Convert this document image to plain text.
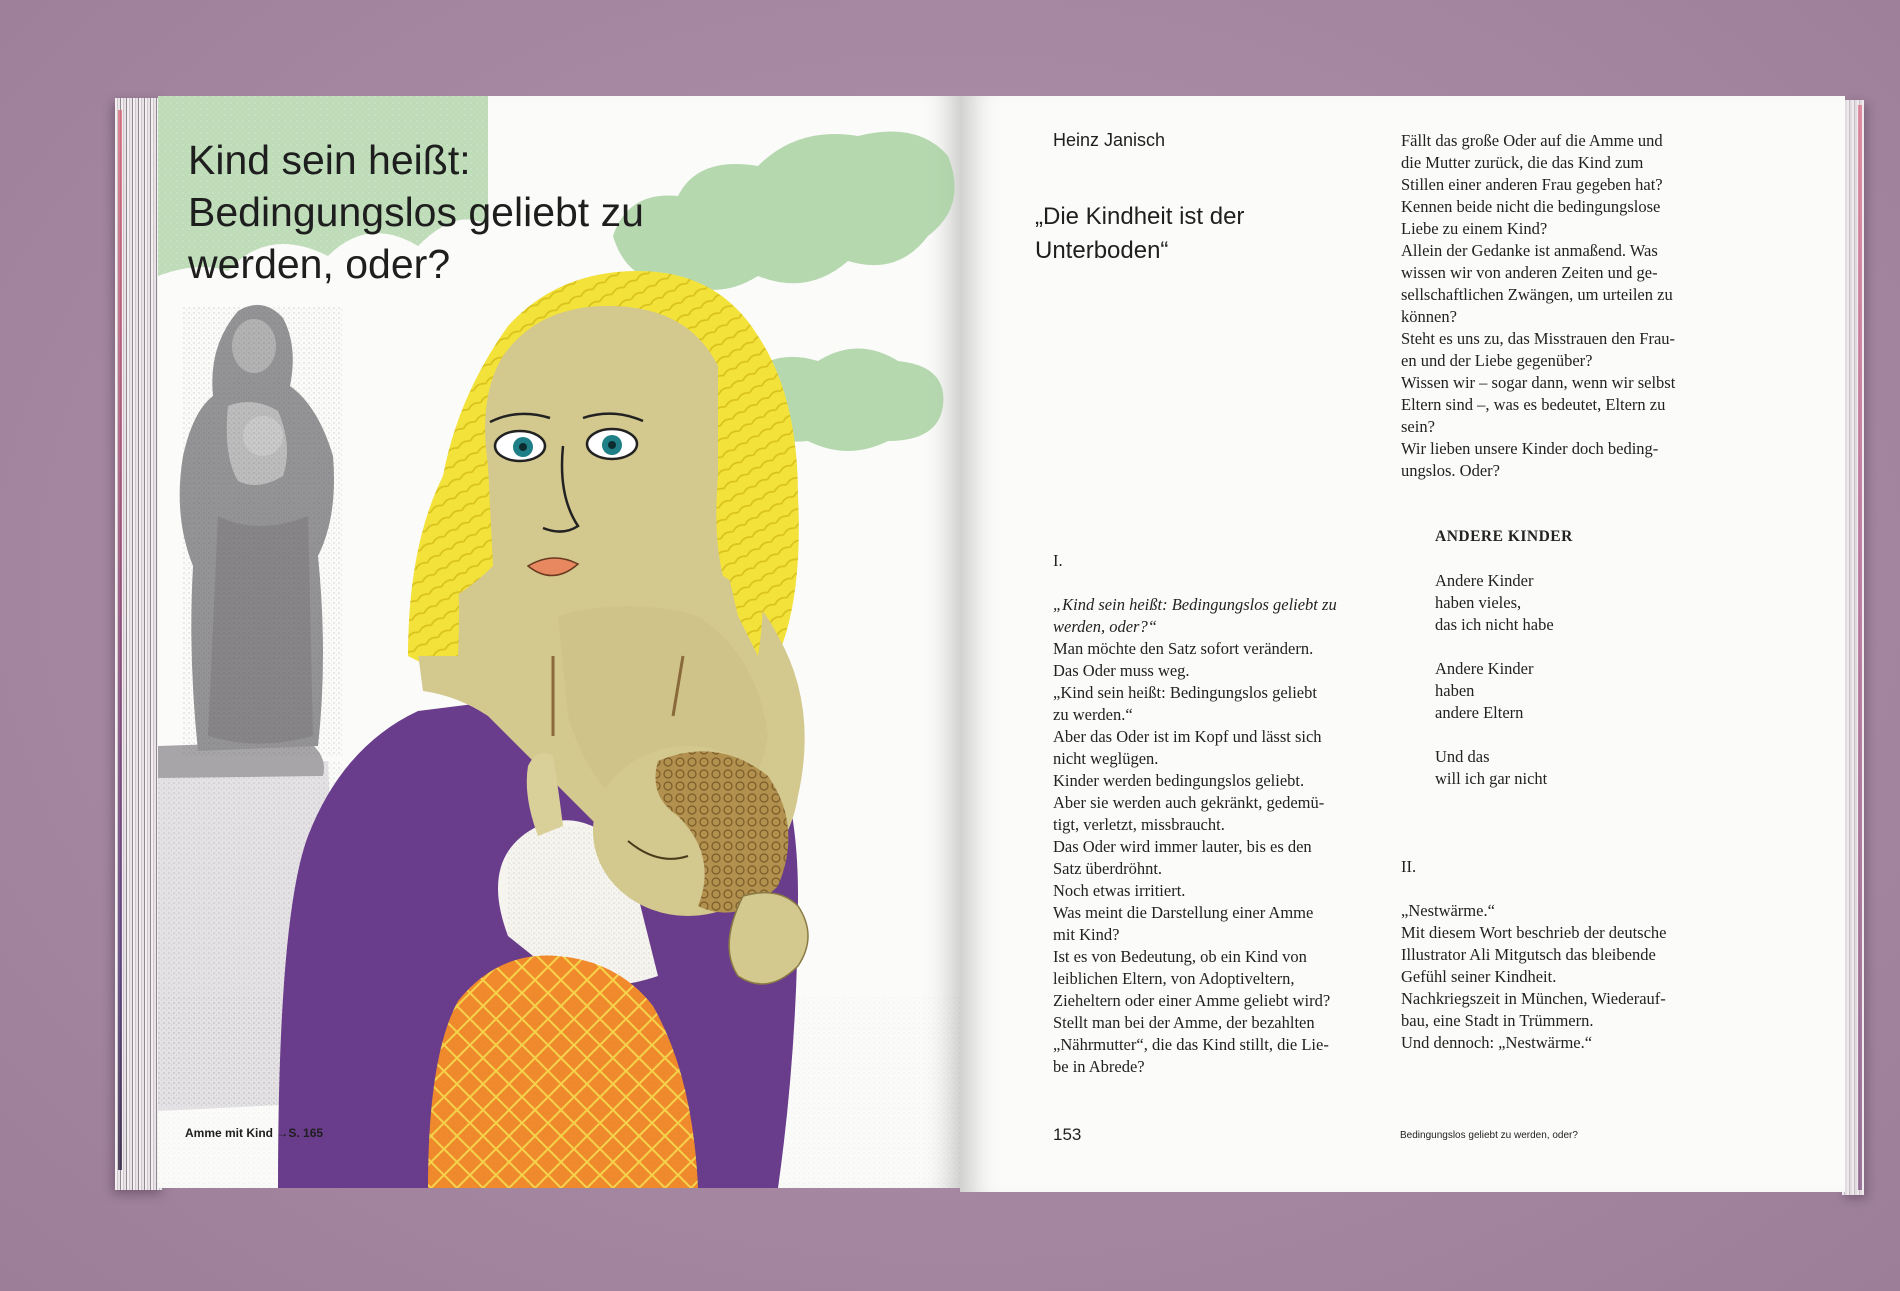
Kind sein heißt:
Bedingungslos geliebt zu
werden, oder?
Amme mit Kind →S. 165
Heinz Janisch
„Die Kindheit ist der
Unterboden“

I.

„Kind sein heißt: Bedingungslos geliebt zu

werden, oder?“

Man möchte den Satz sofort verändern.

Das Oder muss weg.

„Kind sein heißt: Bedingungslos geliebt

zu werden.“

Aber das Oder ist im Kopf und lässt sich

nicht weglügen.

Kinder werden bedingungslos geliebt.

Aber sie werden auch gekränkt, gedemü-

tigt, verletzt, missbraucht.

Das Oder wird immer lauter, bis es den

Satz überdröhnt.

Noch etwas irritiert.

Was meint die Darstellung einer Amme

mit Kind?

Ist es von Bedeutung, ob ein Kind von

leiblichen Eltern, von Adoptiveltern,

Zieheltern oder einer Amme geliebt wird?

Stellt man bei der Amme, der bezahlten

„Nährmutter“, die das Kind stillt, die Lie-

be in Abrede?

Fällt das große Oder auf die Amme und

die Mutter zurück, die das Kind zum

Stillen einer anderen Frau gegeben hat?

Kennen beide nicht die bedingungslose

Liebe zu einem Kind?

Allein der Gedanke ist anmaßend. Was

wissen wir von anderen Zeiten und ge-

sellschaftlichen Zwängen, um urteilen zu

können?

Steht es uns zu, das Misstrauen den Frau-

en und der Liebe gegenüber?

Wissen wir – sogar dann, wenn wir selbst

Eltern sind –, was es bedeutet, Eltern zu

sein?

Wir lieben unsere Kinder doch beding-

ungslos. Oder?

ANDERE KINDER

Andere Kinder

haben vieles,

das ich nicht habe

Andere Kinder

haben

andere Eltern

Und das

will ich gar nicht

II.

„Nestwärme.“

Mit diesem Wort beschrieb der deutsche

Illustrator Ali Mitgutsch das bleibende

Gefühl seiner Kindheit.

Nachkriegszeit in München, Wiederauf-

bau, eine Stadt in Trümmern.

Und dennoch: „Nestwärme.“

153	Bedingungslos geliebt zu werden, oder?
